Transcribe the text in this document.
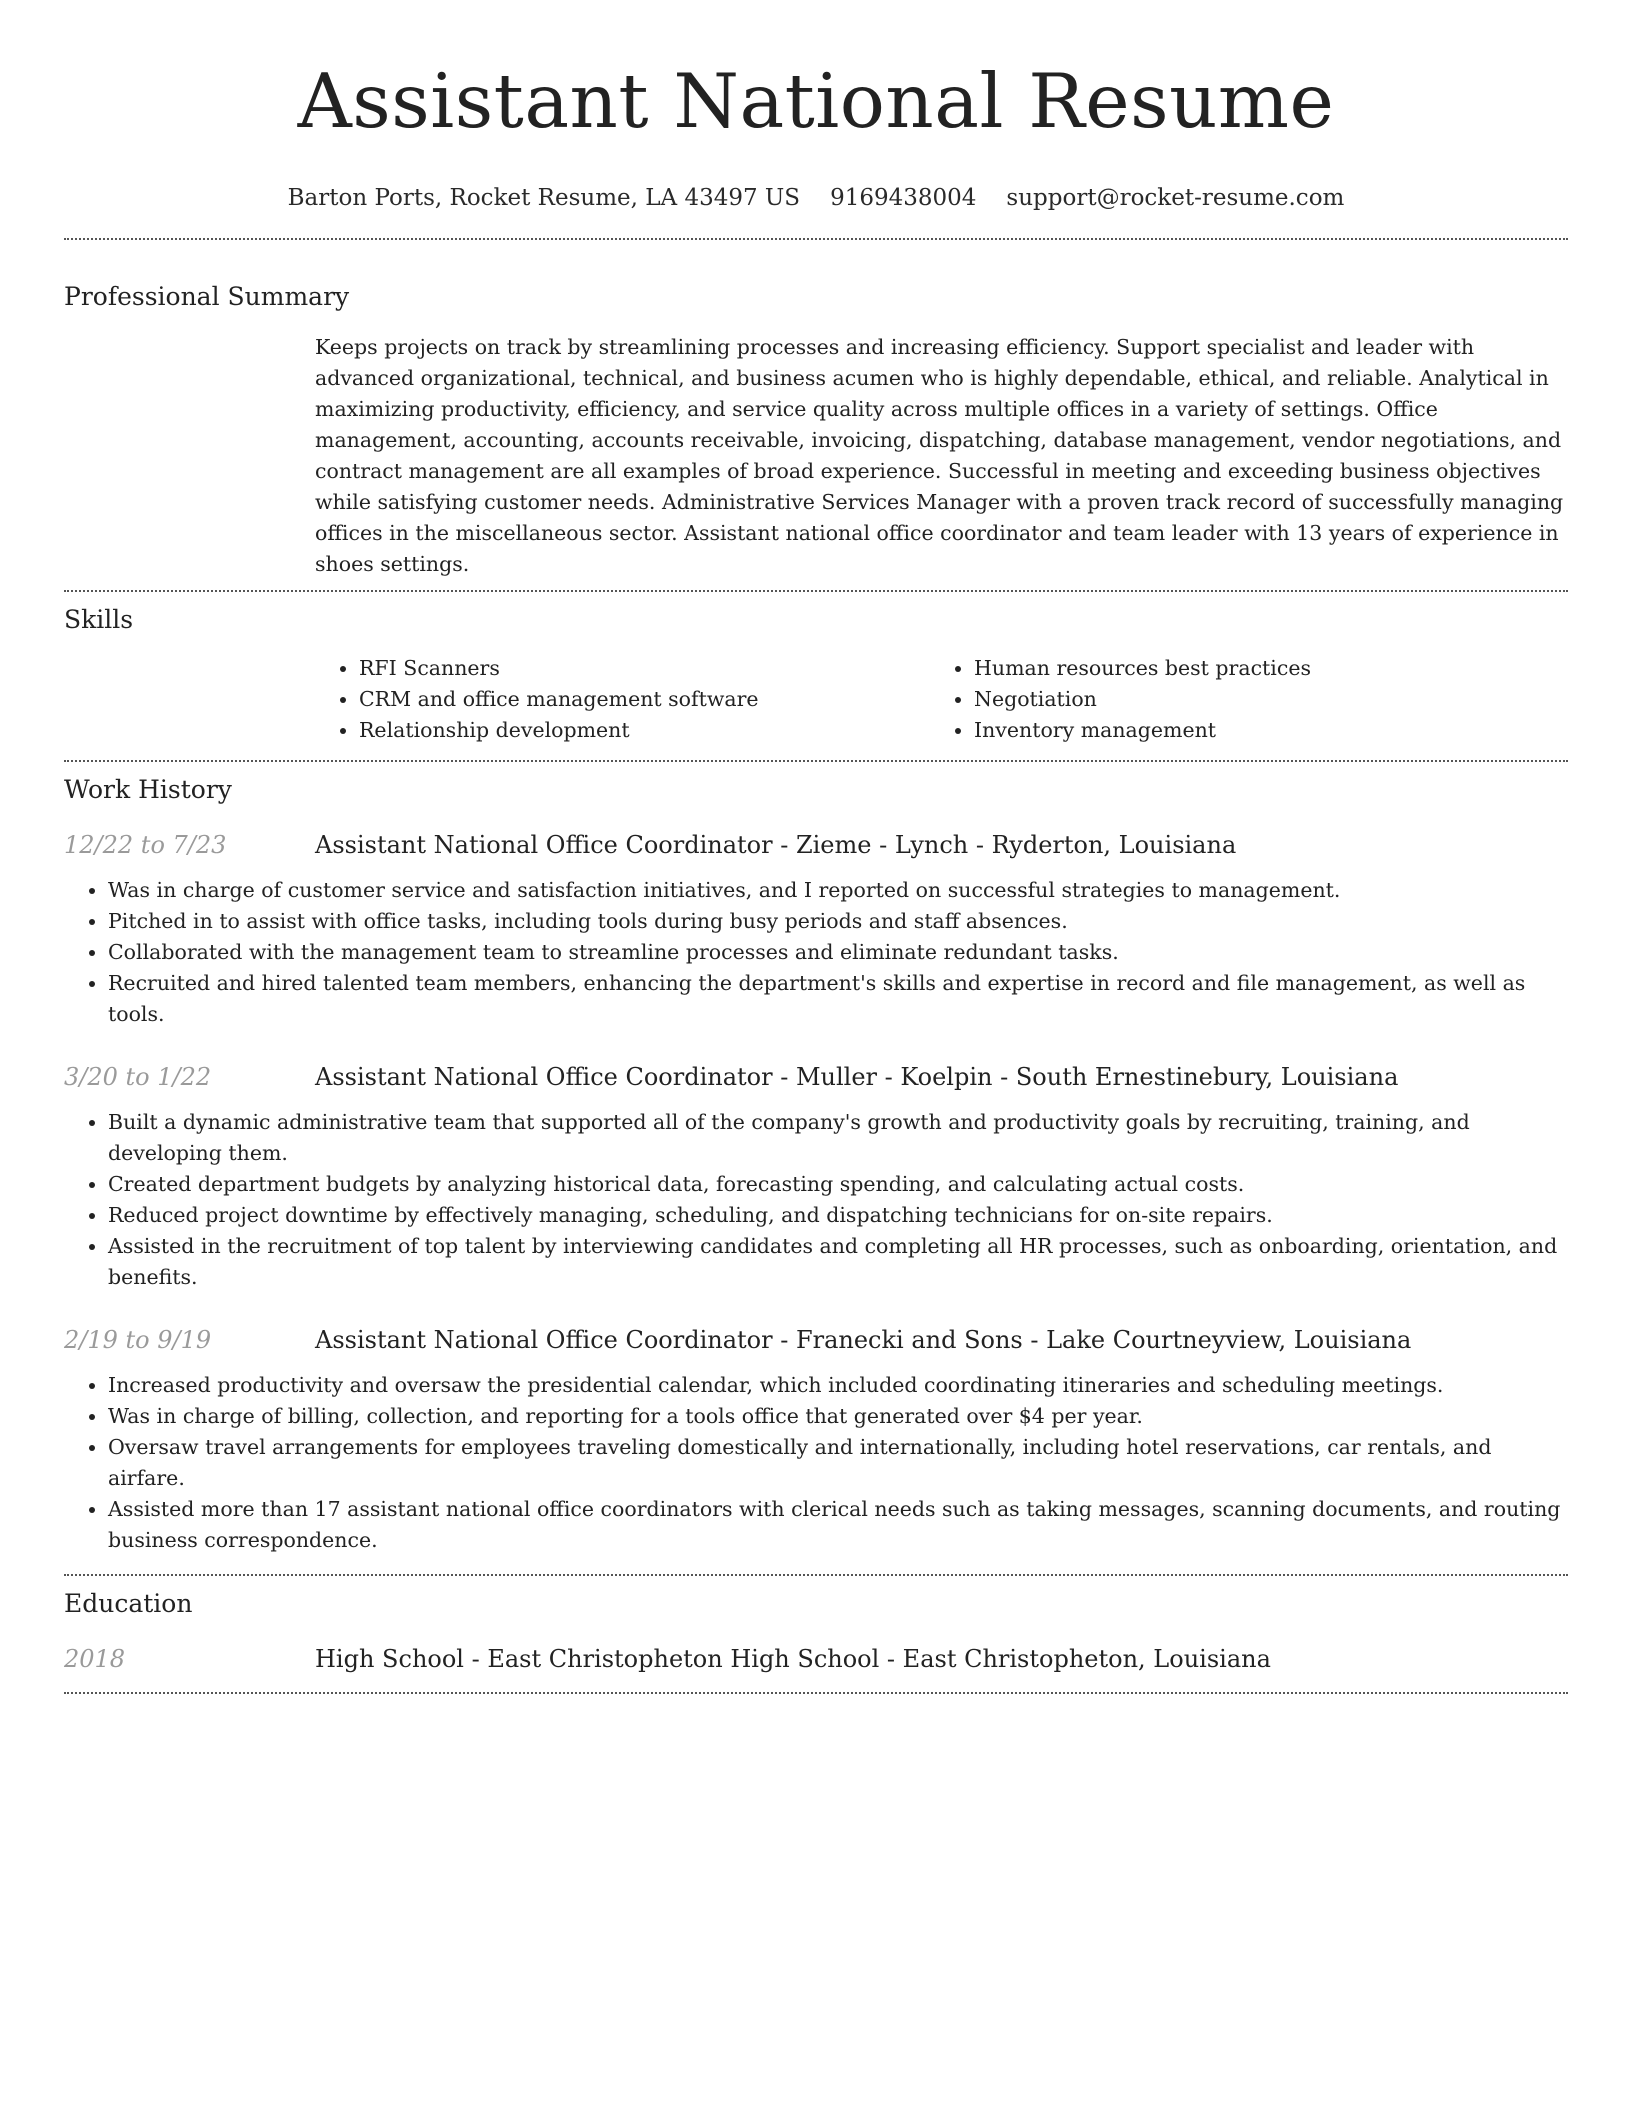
Assistant National Resume
Barton Ports, Rocket Resume, LA 43497 US 9169438004 support@rocket-resume.com
Professional Summary
Keeps projects on track by streamlining processes and increasing efficiency. Support specialist and leader with advanced organizational, technical, and business acumen who is highly dependable, ethical, and reliable. Analytical in maximizing productivity, efficiency, and service quality across multiple offices in a variety of settings. Office management, accounting, accounts receivable, invoicing, dispatching, database management, vendor negotiations, and contract management are all examples of broad experience. Successful in meeting and exceeding business objectives while satisfying customer needs. Administrative Services Manager with a proven track record of successfully managing offices in the miscellaneous sector. Assistant national office coordinator and team leader with 13 years of experience in shoes settings.
Skills
• RFI Scanners
• CRM and office management software
• Relationship development
• Human resources best practices
• Negotiation
• Inventory management
Work History
12/22 to 7/23	Assistant National Office Coordinator - Zieme - Lynch - Ryderton, Louisiana
• Was in charge of customer service and satisfaction initiatives, and I reported on successful strategies to management.
• Pitched in to assist with office tasks, including tools during busy periods and staff absences.
• Collaborated with the management team to streamline processes and eliminate redundant tasks.
• Recruited and hired talented team members, enhancing the department's skills and expertise in record and file management, as well as tools.
3/20 to 1/22	Assistant National Office Coordinator - Muller - Koelpin - South Ernestinebury, Louisiana
• Built a dynamic administrative team that supported all of the company's growth and productivity goals by recruiting, training, and developing them.
• Created department budgets by analyzing historical data, forecasting spending, and calculating actual costs.
• Reduced project downtime by effectively managing, scheduling, and dispatching technicians for on-site repairs.
• Assisted in the recruitment of top talent by interviewing candidates and completing all HR processes, such as onboarding, orientation, and benefits.
2/19 to 9/19	Assistant National Office Coordinator - Franecki and Sons - Lake Courtneyview, Louisiana
• Increased productivity and oversaw the presidential calendar, which included coordinating itineraries and scheduling meetings.
• Was in charge of billing, collection, and reporting for a tools office that generated over $4 per year.
• Oversaw travel arrangements for employees traveling domestically and internationally, including hotel reservations, car rentals, and airfare.
• Assisted more than 17 assistant national office coordinators with clerical needs such as taking messages, scanning documents, and routing business correspondence.
Education
2018	High School - East Christopheton High School - East Christopheton, Louisiana
